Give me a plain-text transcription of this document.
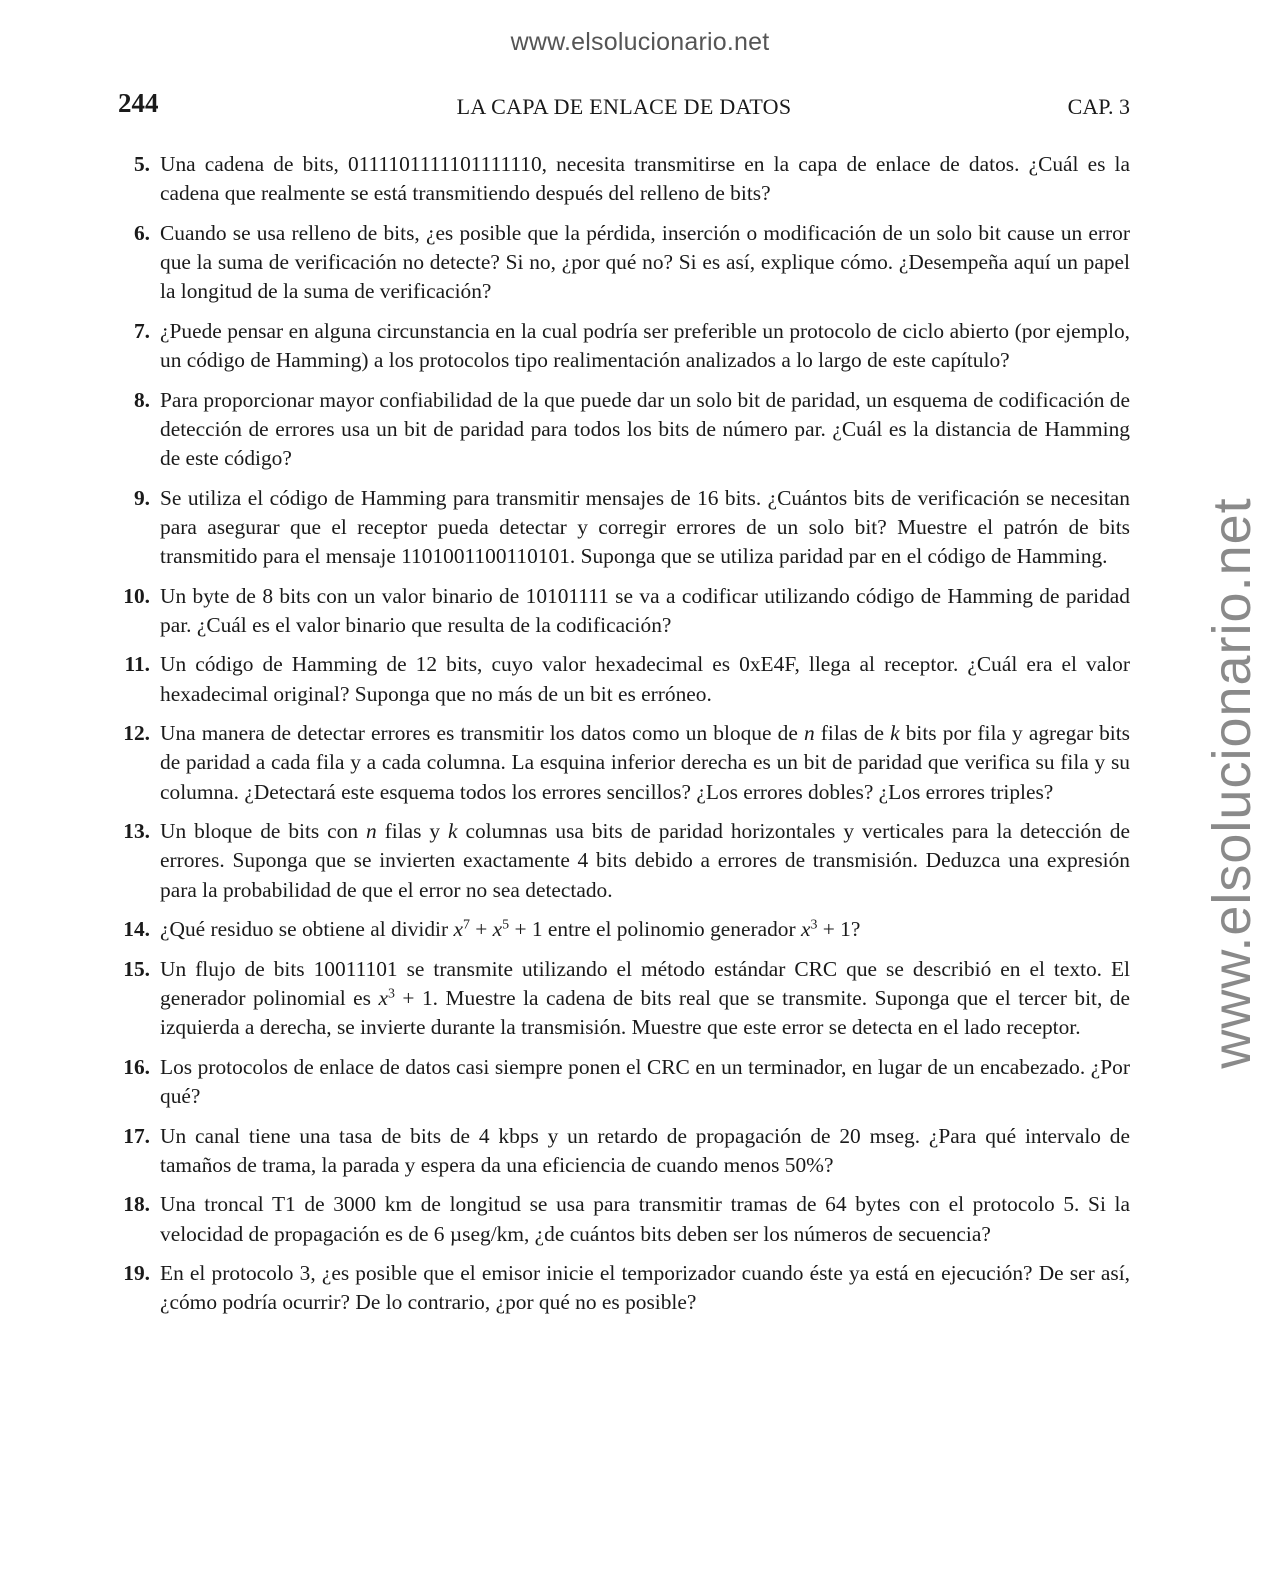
www.elsolucionario.net
www.elsolucionario.net
244	LA CAPA DE ENLACE DE DATOS	CAP. 3
5. Una cadena de bits, 0111101111101111110, necesita transmitirse en la capa de enlace de datos. ¿Cuál es la cadena que realmente se está transmitiendo después del relleno de bits?
6. Cuando se usa relleno de bits, ¿es posible que la pérdida, inserción o modificación de un solo bit cause un error que la suma de verificación no detecte? Si no, ¿por qué no? Si es así, explique cómo. ¿Desempeña aquí un papel la longitud de la suma de verificación?
7. ¿Puede pensar en alguna circunstancia en la cual podría ser preferible un protocolo de ciclo abierto (por ejemplo, un código de Hamming) a los protocolos tipo realimentación analizados a lo largo de este capítulo?
8. Para proporcionar mayor confiabilidad de la que puede dar un solo bit de paridad, un esquema de codificación de detección de errores usa un bit de paridad para todos los bits de número par. ¿Cuál es la distancia de Hamming de este código?
9. Se utiliza el código de Hamming para transmitir mensajes de 16 bits. ¿Cuántos bits de verificación se necesitan para asegurar que el receptor pueda detectar y corregir errores de un solo bit? Muestre el patrón de bits transmitido para el mensaje 1101001100110101. Suponga que se utiliza paridad par en el código de Hamming.
10. Un byte de 8 bits con un valor binario de 10101111 se va a codificar utilizando código de Hamming de paridad par. ¿Cuál es el valor binario que resulta de la codificación?
11. Un código de Hamming de 12 bits, cuyo valor hexadecimal es 0xE4F, llega al receptor. ¿Cuál era el valor hexadecimal original? Suponga que no más de un bit es erróneo.
12. Una manera de detectar errores es transmitir los datos como un bloque de n filas de k bits por fila y agregar bits de paridad a cada fila y a cada columna. La esquina inferior derecha es un bit de paridad que verifica su fila y su columna. ¿Detectará este esquema todos los errores sencillos? ¿Los errores dobles? ¿Los errores triples?
13. Un bloque de bits con n filas y k columnas usa bits de paridad horizontales y verticales para la detección de errores. Suponga que se invierten exactamente 4 bits debido a errores de transmisión. Deduzca una expresión para la probabilidad de que el error no sea detectado.
14. ¿Qué residuo se obtiene al dividir $x^7 + x^5 + 1$ entre el polinomio generador $x^3 + 1$?
15. Un flujo de bits 10011101 se transmite utilizando el método estándar CRC que se describió en el texto. El generador polinomial es $x^3 + 1$. Muestre la cadena de bits real que se transmite. Suponga que el tercer bit, de izquierda a derecha, se invierte durante la transmisión. Muestre que este error se detecta en el lado receptor.
16. Los protocolos de enlace de datos casi siempre ponen el CRC en un terminador, en lugar de un encabezado. ¿Por qué?
17. Un canal tiene una tasa de bits de 4 kbps y un retardo de propagación de 20 mseg. ¿Para qué intervalo de tamaños de trama, la parada y espera da una eficiencia de cuando menos 50%?
18. Una troncal T1 de 3000 km de longitud se usa para transmitir tramas de 64 bytes con el protocolo 5. Si la velocidad de propagación es de 6 µseg/km, ¿de cuántos bits deben ser los números de secuencia?
19. En el protocolo 3, ¿es posible que el emisor inicie el temporizador cuando éste ya está en ejecución? De ser así, ¿cómo podría ocurrir? De lo contrario, ¿por qué no es posible?
